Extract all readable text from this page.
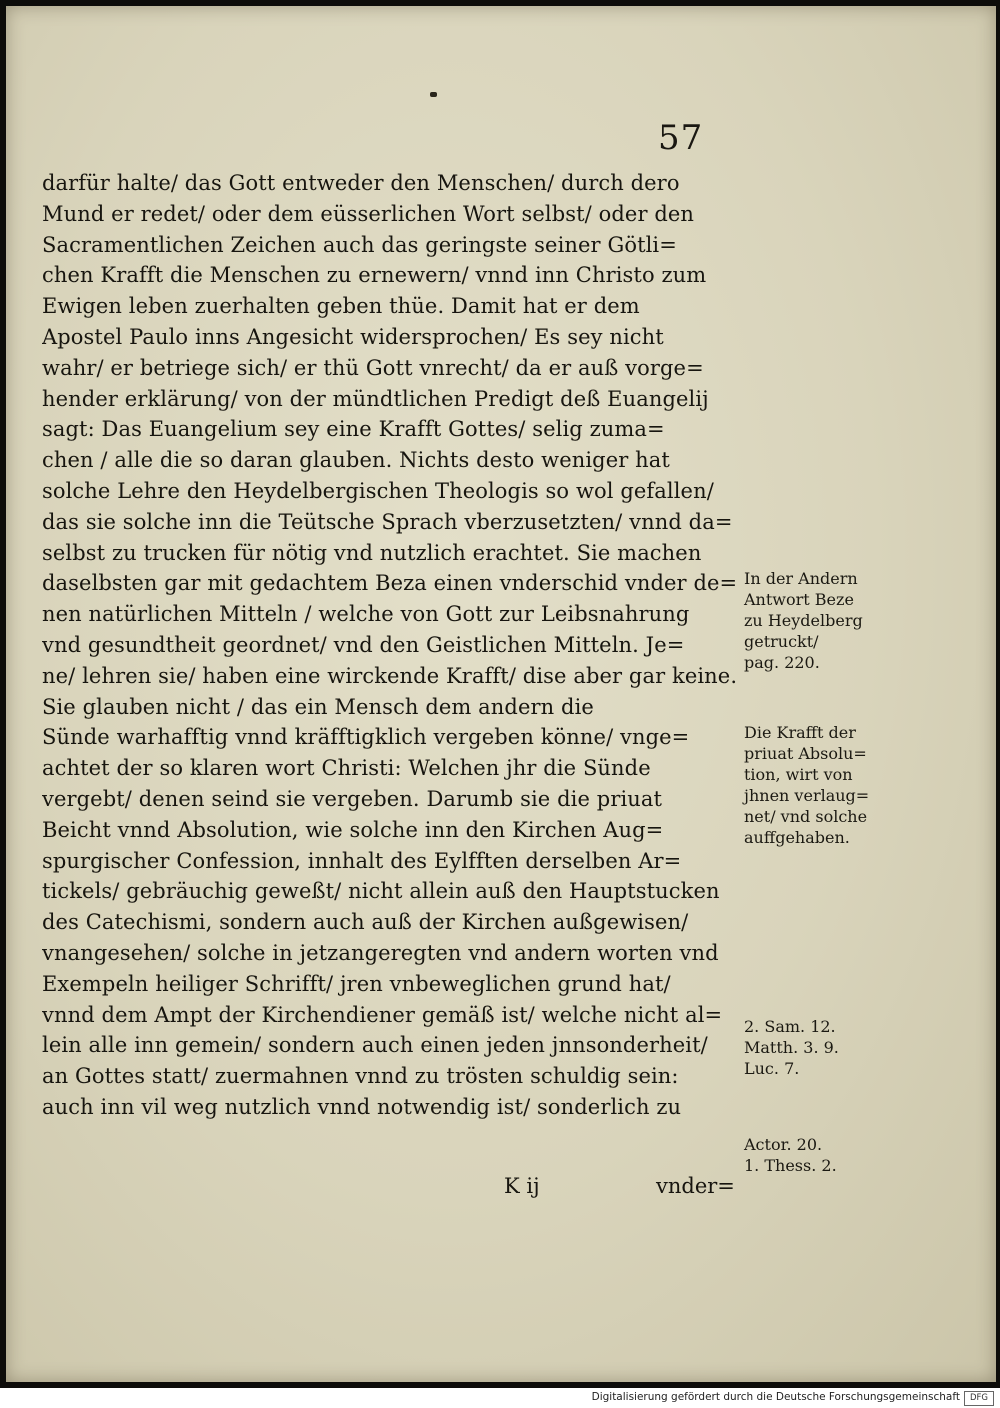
57
darfür halte/ das Gott entweder den Menschen/ durch dero
Mund er redet/ oder dem eüsserlichen Wort selbst/ oder den
Sacramentlichen Zeichen auch das geringste seiner Götli=
chen Krafft die Menschen zu ernewern/ vnnd inn Christo zum
Ewigen leben zuerhalten geben thüe. Damit hat er dem
Apostel Paulo inns Angesicht widersprochen/ Es sey nicht
wahr/ er betriege sich/ er thü Gott vnrecht/ da er auß vorge=
hender erklärung/ von der mündtlichen Predigt deß Euangelij
sagt: Das Euangelium sey eine Krafft Gottes/ selig zuma=
chen / alle die so daran glauben. Nichts desto weniger hat
solche Lehre den Heydelbergischen Theologis so wol gefallen/
das sie solche inn die Teütsche Sprach vberzusetzten/ vnnd da=
selbst zu trucken für nötig vnd nutzlich erachtet. Sie machen
daselbsten gar mit gedachtem Beza einen vnderschid vnder de=
nen natürlichen Mitteln / welche von Gott zur Leibsnahrung
vnd gesundtheit geordnet/ vnd den Geistlichen Mitteln. Je=
ne/ lehren sie/ haben eine wirckende Krafft/ dise aber gar keine.
Sie glauben nicht / das ein Mensch dem andern die
Sünde warhafftig vnnd kräfftigklich vergeben könne/ vnge=
achtet der so klaren wort Christi: Welchen jhr die Sünde
vergebt/ denen seind sie vergeben. Darumb sie die priuat
Beicht vnnd Absolution, wie solche inn den Kirchen Aug=
spurgischer Confession, innhalt des Eylfften derselben Ar=
tickels/ gebräuchig geweßt/ nicht allein auß den Hauptstucken
des Catechismi, sondern auch auß der Kirchen außgewisen/
vnangesehen/ solche in jetzangeregten vnd andern worten vnd
Exempeln heiliger Schrifft/ jren vnbeweglichen grund hat/
vnnd dem Ampt der Kirchendiener gemäß ist/ welche nicht al=
lein alle inn gemein/ sondern auch einen jeden jnnsonderheit/
an Gottes statt/ zuermahnen vnnd zu trösten schuldig sein:
auch inn vil weg nutzlich vnnd notwendig ist/ sonderlich zu
In der Andern
Antwort Beze
zu Heydelberg
getruckt/
pag. 220.
Die Krafft der
priuat Absolu=
tion, wirt von
jhnen verlaug=
net/ vnd solche
auffgehaben.
2. Sam. 12.
Matth. 3. 9.
Luc. 7.
Actor. 20.
1. Thess. 2.
K ij	vnder=
Digitalisierung gefördert durch die Deutsche Forschungsgemeinschaft	DFG
